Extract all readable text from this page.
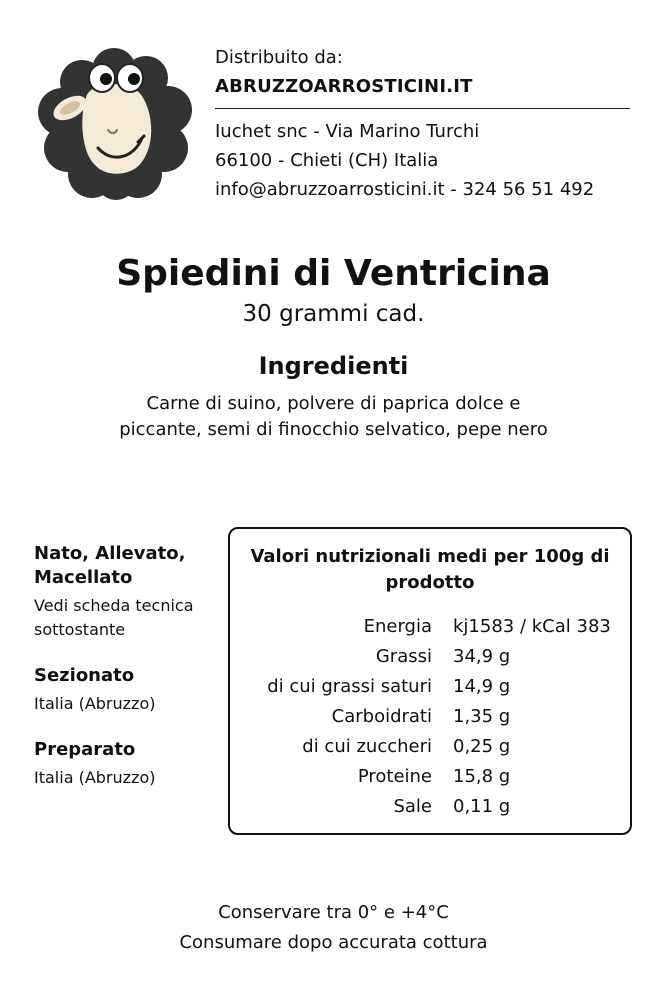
Distribuito da:

ABRUZZOARROSTICINI.IT

Iuchet snc - Via Marino Turchi

66100 - Chieti (CH) Italia

info@abruzzoarrosticini.it - 324 56 51 492

Spiedini di Ventricina

30 grammi cad.

Ingredienti

Carne di suino, polvere di paprica dolce e piccante, semi di finocchio selvatico, pepe nero

Nato, Allevato, Macellato

Vedi scheda tecnica sottostante

Sezionato

Italia (Abruzzo)

Preparato

Italia (Abruzzo)

Valori nutrizionali medi per 100g di prodotto

Energia kj1583 / kCal 383
Grassi 34,9 g
di cui grassi saturi 14,9 g
Carboidrati 1,35 g
di cui zuccheri 0,25 g
Proteine 15,8 g
Sale 0,11 g

Conservare tra 0° e +4°C

Consumare dopo accurata cottura
